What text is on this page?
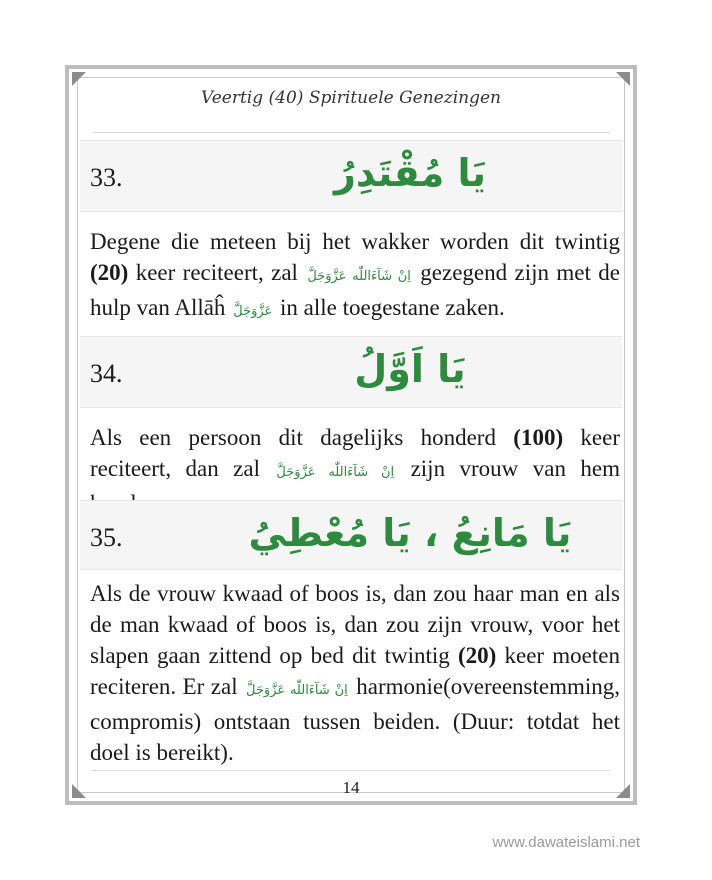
Veertig (40) Spirituele Genezingen
33.	يَا مُقْتَدِرُ
Degene die meteen bij het wakker worden dit twintig (20) keer reciteert, zal اِنْ شَآءَاللّٰه عَزَّوَجَلَّ gezegend zijn met de hulp van Allāĥ عَزَّوَجَلَّ in alle toegestane zaken.
34.	يَا اَوَّلُ
Als een persoon dit dagelijks honderd (100) keer reciteert, dan zal اِنْ شَآءَاللّٰه عَزَّوَجَلَّ zijn vrouw van hem
35.	يَا مَانِعُ ، يَا مُعْطِيُ
Als de vrouw kwaad of boos is, dan zou haar man en als de man kwaad of boos is, dan zou zijn vrouw, voor het slapen gaan zittend op bed dit twintig (20) keer moeten reciteren. Er zal اِنْ شَآءَاللّٰه عَزَّوَجَلَّ harmonie(overeenstemming, compromis) ontstaan tussen beiden. (Duur: totdat het doel is bereikt).
14
www.dawateislami.net
